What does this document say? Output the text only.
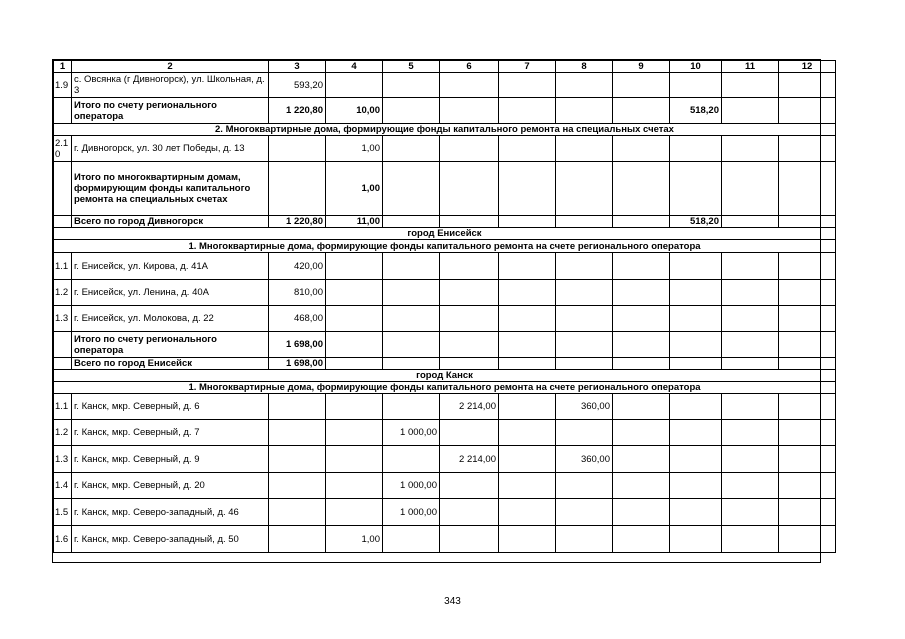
1	2	3	4	5	6	7	8	9	10	11	12
1.9	с. Овсянка (г Дивногорск), ул. Школьная, д. 3	593,20									
	Итого по счету регионального оператора	1 220,80	10,00						518,20		
2. Многоквартирные дома, формирующие фонды капитального ремонта на специальных счетах											
2.1 0	г. Дивногорск, ул. 30 лет Победы, д. 13		1,00								
	Итого по многоквартирным домам, формирующим фонды капитального ремонта на специальных счетах		1,00								
	Всего по город Дивногорск	1 220,80	11,00						518,20		
город Енисейск											
1. Многоквартирные дома, формирующие фонды капитального ремонта на счете регионального оператора											
1.1	г. Енисейск, ул. Кирова, д. 41А	420,00									
1.2	г. Енисейск, ул. Ленина, д. 40А	810,00									
1.3	г. Енисейск, ул. Молокова, д. 22	468,00									
	Итого по счету регионального оператора	1 698,00									
	Всего по город Енисейск	1 698,00									
город Канск											
1. Многоквартирные дома, формирующие фонды капитального ремонта на счете регионального оператора											
1.1	г. Канск, мкр. Северный, д. 6				2 214,00		360,00				
1.2	г. Канск, мкр. Северный, д. 7			1 000,00							
1.3	г. Канск, мкр. Северный, д. 9				2 214,00		360,00				
1.4	г. Канск, мкр. Северный, д. 20			1 000,00							
1.5	г. Канск, мкр. Северо-западный, д. 46			1 000,00							
1.6	г. Канск, мкр. Северо-западный, д. 50		1,00								
343
